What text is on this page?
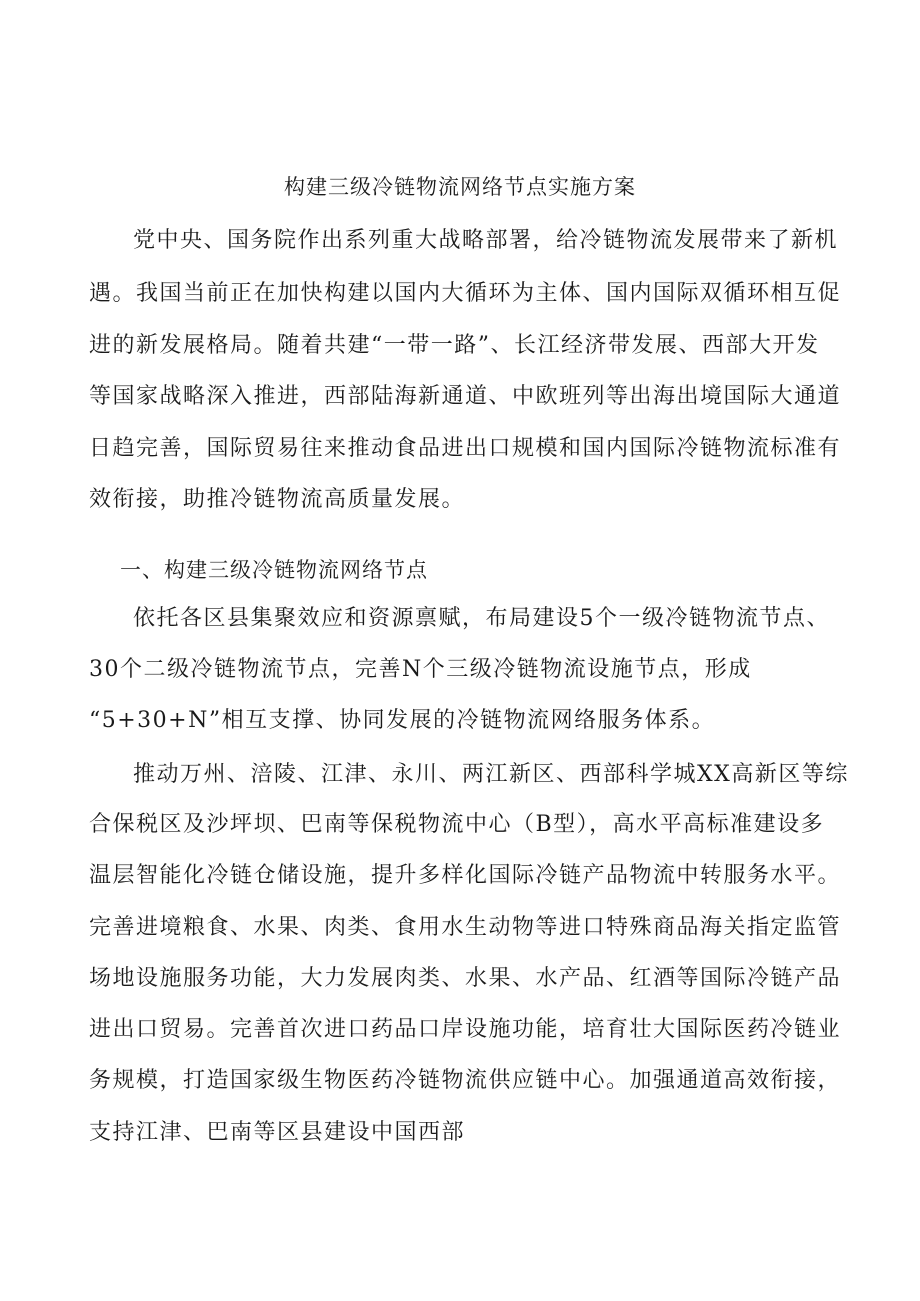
构建三级冷链物流网络节点实施方案
党中央、国务院作出系列重大战略部署，给冷链物流发展带来了新机
遇。我国当前正在加快构建以国内大循环为主体、国内国际双循环相互促
进的新发展格局。随着共建“一带一路”、长江经济带发展、西部大开发
等国家战略深入推进，西部陆海新通道、中欧班列等出海出境国际大通道
日趋完善，国际贸易往来推动食品进出口规模和国内国际冷链物流标准有
效衔接，助推冷链物流高质量发展。
一、构建三级冷链物流网络节点
依托各区县集聚效应和资源禀赋，布局建设5个一级冷链物流节点、
30个二级冷链物流节点，完善N个三级冷链物流设施节点，形成
“5+30+N”相互支撑、协同发展的冷链物流网络服务体系。
推动万州、涪陵、江津、永川、两江新区、西部科学城XX高新区等综
合保税区及沙坪坝、巴南等保税物流中心（B型），高水平高标准建设多
温层智能化冷链仓储设施，提升多样化国际冷链产品物流中转服务水平。
完善进境粮食、水果、肉类、食用水生动物等进口特殊商品海关指定监管
场地设施服务功能，大力发展肉类、水果、水产品、红酒等国际冷链产品
进出口贸易。完善首次进口药品口岸设施功能，培育壮大国际医药冷链业
务规模，打造国家级生物医药冷链物流供应链中心。加强通道高效衔接，
支持江津、巴南等区县建设中国西部
